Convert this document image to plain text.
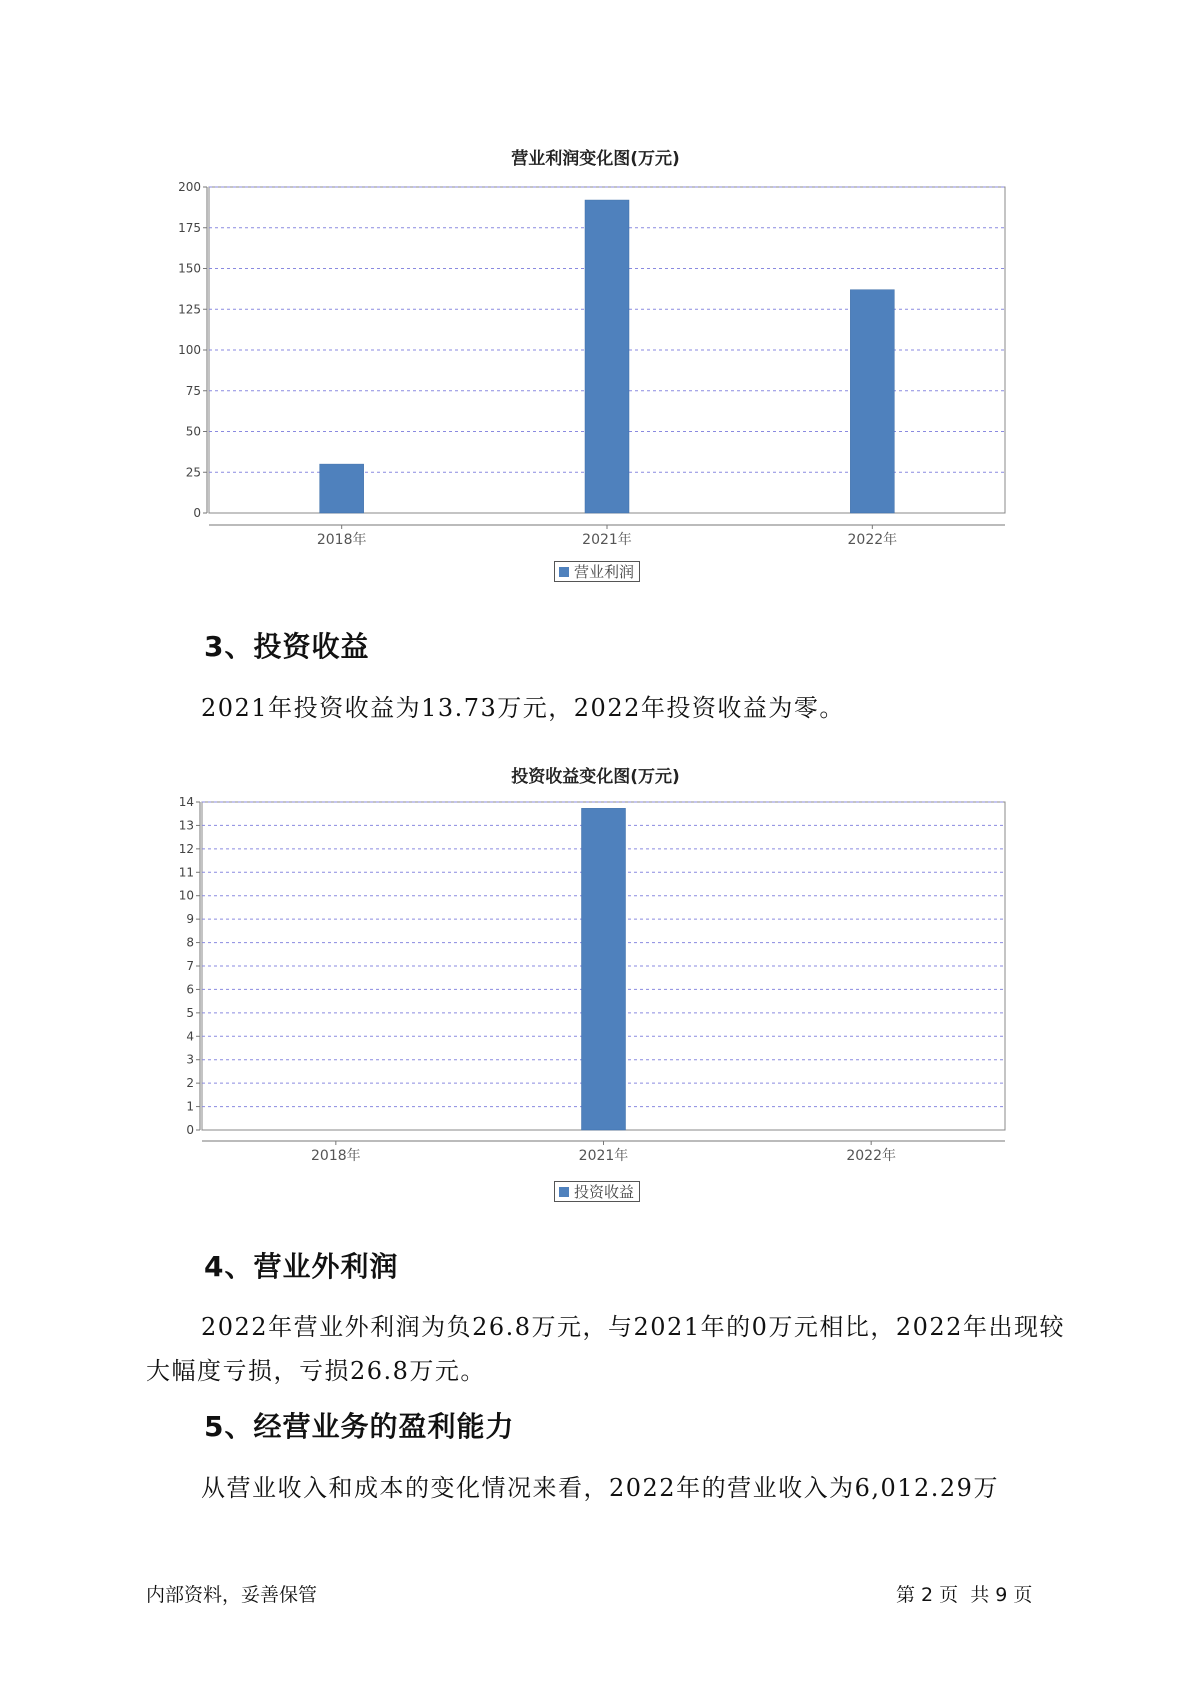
营业利润变化图(万元)
0
25
50
75
100
125
150
175
200
2018年	2021年	2022年
营业利润
3、投资收益
2021年投资收益为13.73万元，2022年投资收益为零。
投资收益变化图(万元)
0
1
2
3
4
5
6
7
8
9
10
11
12
13
14
2018年	2021年	2022年
投资收益
4、营业外利润
2022年营业外利润为负26.8万元，与2021年的0万元相比，2022年出现较大幅度亏损，亏损26.8万元。
5、经营业务的盈利能力
从营业收入和成本的变化情况来看，2022年的营业收入为6,012.29万
内部资料，妥善保管	第 2 页  共 9 页
